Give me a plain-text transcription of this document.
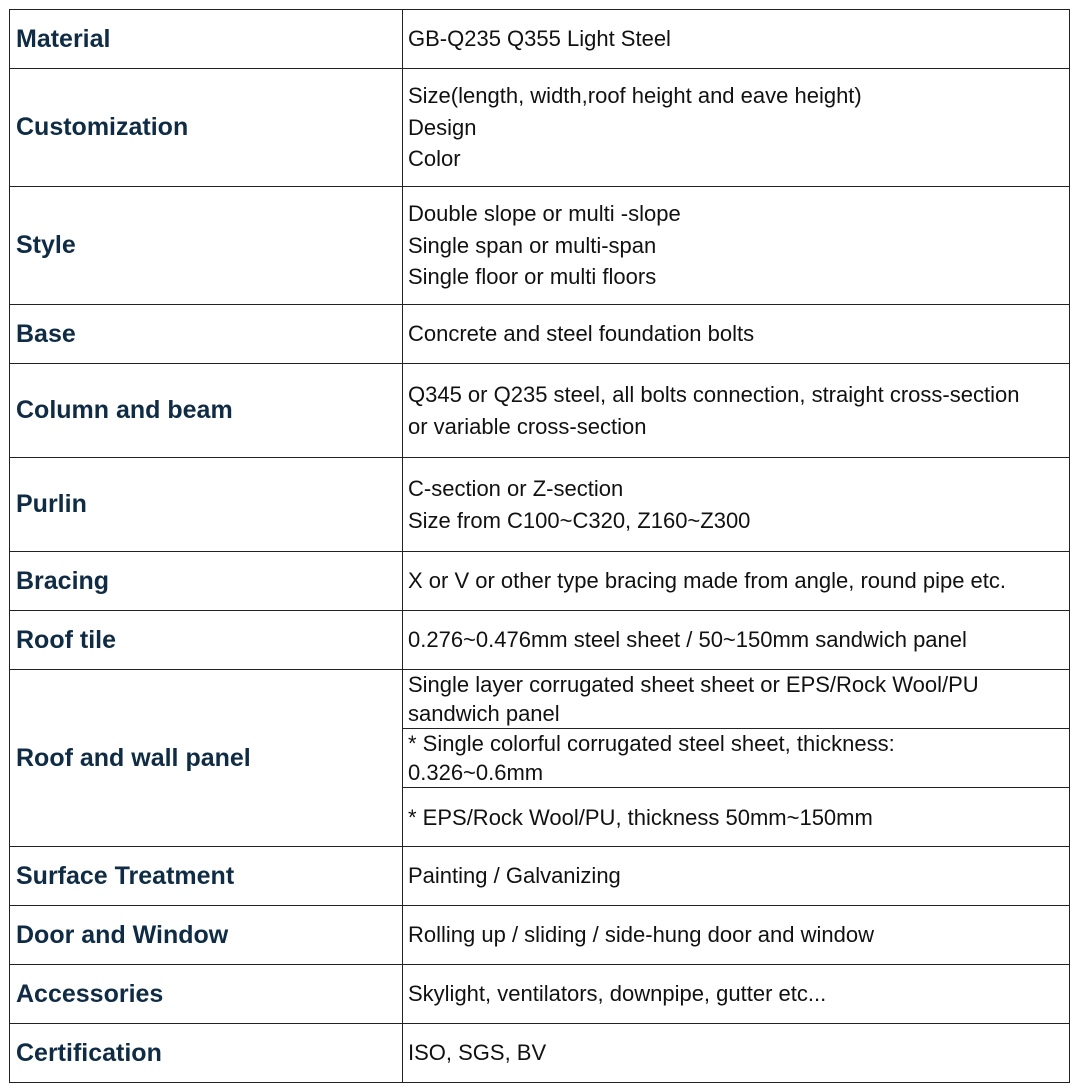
Material	GB-Q235 Q355 Light Steel

Customization	Size(length, width,roof height and eave height)
Design
Color

Style	Double slope or multi -slope
Single span or multi-span
Single floor or multi floors

Base	Concrete and steel foundation bolts

Column and beam	Q345 or Q235 steel, all bolts connection, straight cross-section
or variable cross-section

Purlin	C-section or Z-section
Size from C100~C320, Z160~Z300

Bracing	X or V or other type bracing made from angle, round pipe etc.

Roof tile	0.276~0.476mm steel sheet / 50~150mm sandwich panel

Roof and wall panel	Single layer corrugated sheet sheet or EPS/Rock Wool/PU
sandwich panel
* Single colorful corrugated steel sheet, thickness:
0.326~0.6mm
* EPS/Rock Wool/PU, thickness 50mm~150mm

Surface Treatment	Painting / Galvanizing

Door and Window	Rolling up / sliding / side-hung door and window

Accessories	Skylight, ventilators, downpipe, gutter etc...

Certification	ISO, SGS, BV
